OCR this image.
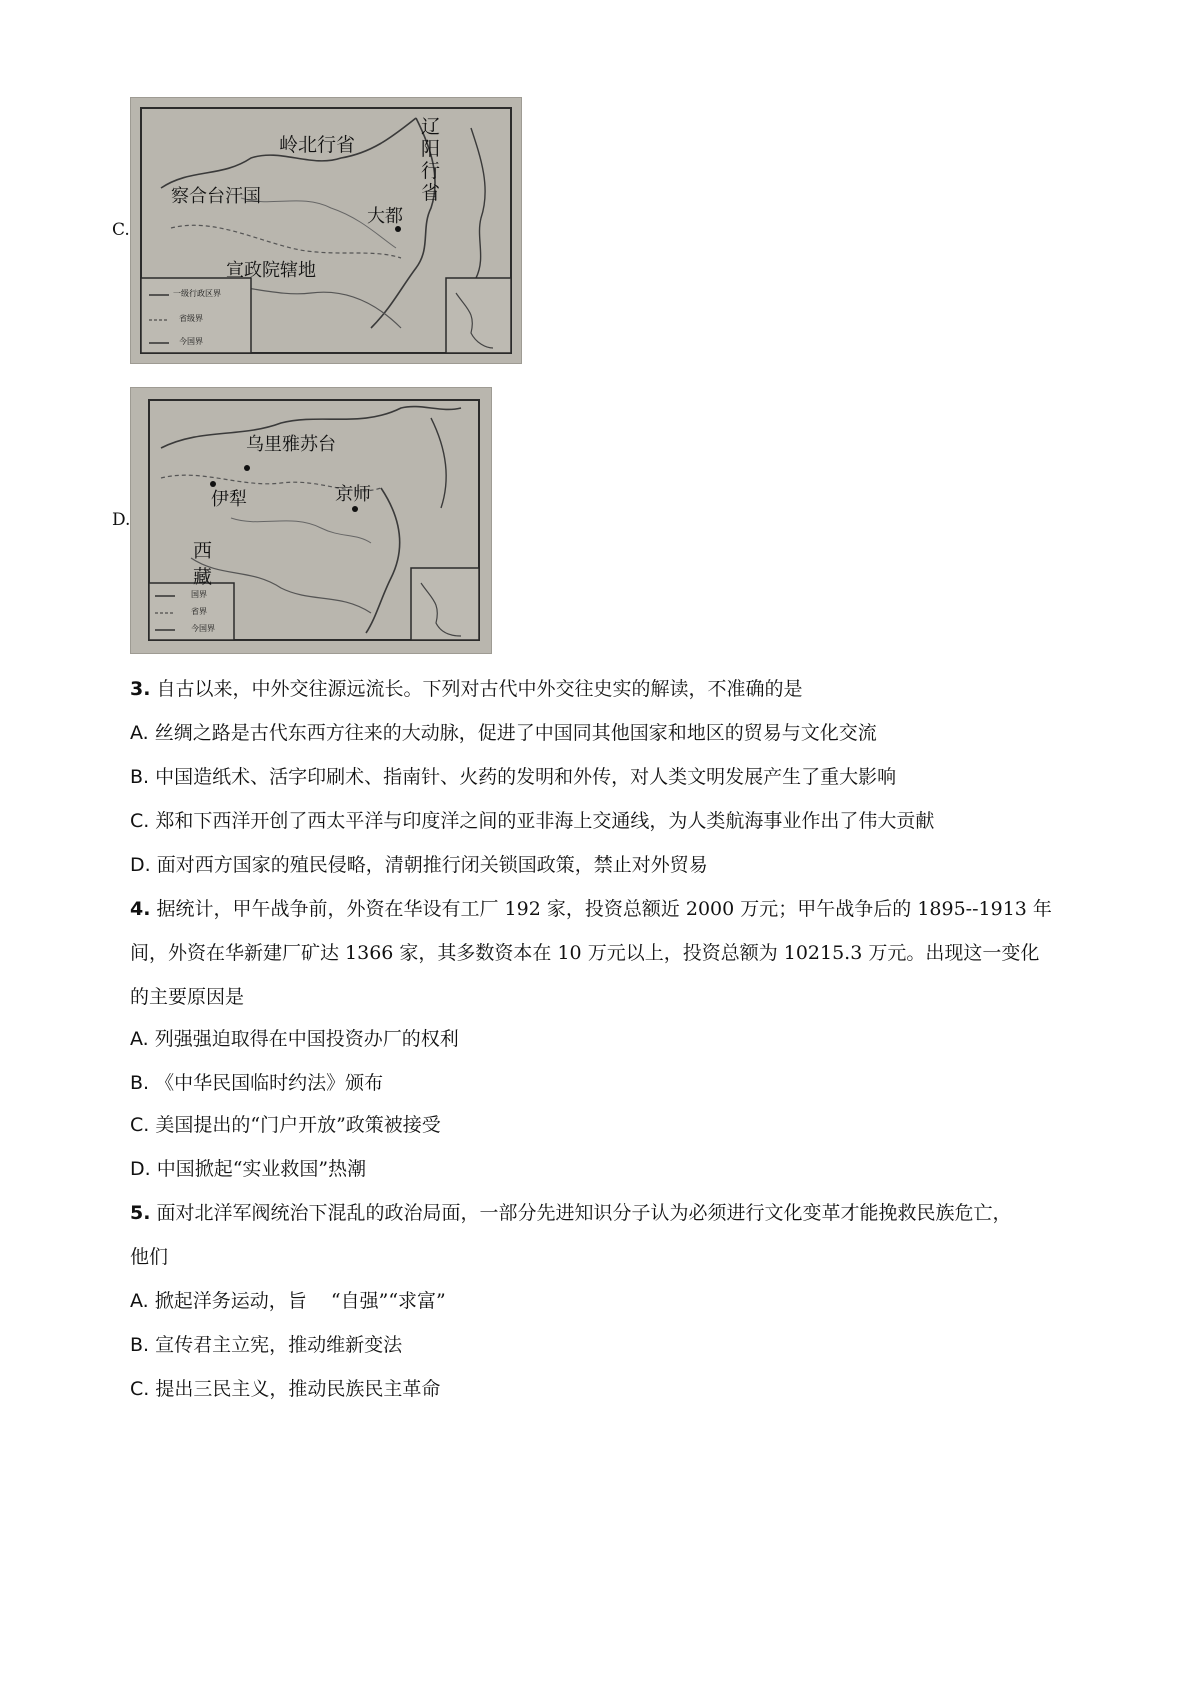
C.
岭北行省
辽阳行省
察合台汗国
大都
宣政院辖地
一级行政区界
省级界
今国界
D.
乌里雅苏台
伊犁	京师
西藏
国界
省界
今国界
3. 自古以来，中外交往源远流长。下列对古代中外交往史实的解读，不准确的是
A. 丝绸之路是古代东西方往来的大动脉，促进了中国同其他国家和地区的贸易与文化交流
B. 中国造纸术、活字印刷术、指南针、火药的发明和外传，对人类文明发展产生了重大影响
C. 郑和下西洋开创了西太平洋与印度洋之间的亚非海上交通线，为人类航海事业作出了伟大贡献
D. 面对西方国家的殖民侵略，清朝推行闭关锁国政策，禁止对外贸易
4. 据统计，甲午战争前，外资在华设有工厂 192 家，投资总额近 2000 万元；甲午战争后的 1895--1913 年
间，外资在华新建厂矿达 1366 家，其多数资本在 10 万元以上，投资总额为 10215.3 万元。出现这一变化
的主要原因是
A. 列强强迫取得在中国投资办厂的权利
B. 《中华民国临时约法》颁布
C. 美国提出的“门户开放”政策被接受
D. 中国掀起“实业救国”热潮
5. 面对北洋军阀统治下混乱的政治局面，一部分先进知识分子认为必须进行文化变革才能挽救民族危亡，
他们
A. 掀起洋务运动，旨    “自强”“求富”
B. 宣传君主立宪，推动维新变法
C. 提出三民主义，推动民族民主革命
